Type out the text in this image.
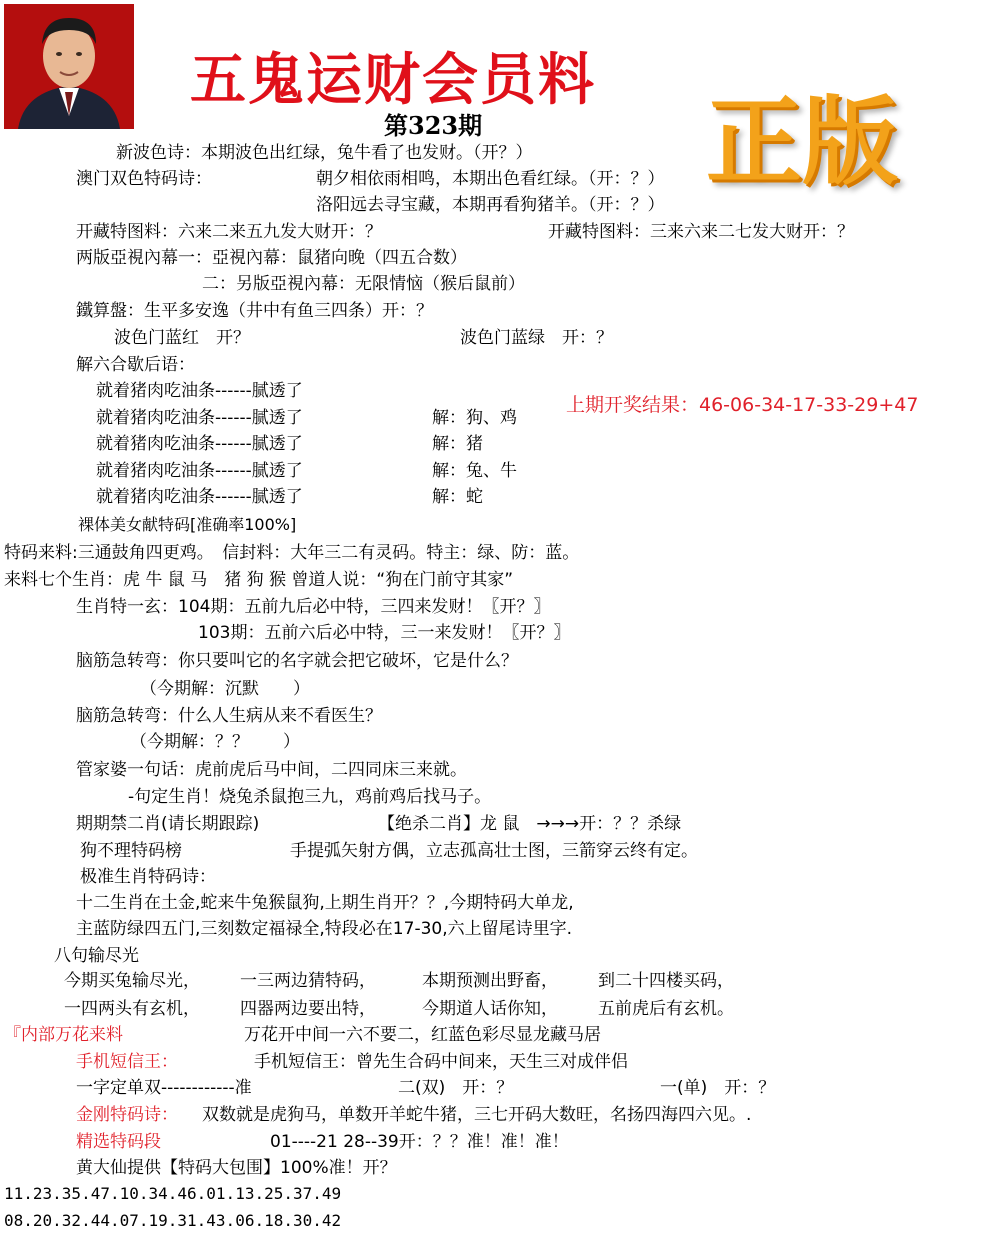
五鬼运财会员料
第323期 正版
新波色诗：本期波色出红绿，兔牛看了也发财。（开？）
澳门双色特码诗：	朝夕相依雨相鸣，本期出色看红绿。（开：？）
洛阳远去寻宝藏，本期再看狗猪羊。（开：？）
开藏特图料：六来二来五九发大财开：？	开藏特图料：三来六来二七发大财开：？
两版亞視內幕一：亞視內幕：鼠猪向晚（四五合数）
二：另版亞視內幕：无限情恼（猴后鼠前）
鐵算盤：生平多安逸（井中有鱼三四条）开：？
波色门蓝红　开？	波色门蓝绿　开：？
解六合歇后语：
就着猪肉吃油条------腻透了
上期开奖结果：46-06-34-17-33-29+47
就着猪肉吃油条------腻透了	解：狗、鸡
就着猪肉吃油条------腻透了	解：猪
就着猪肉吃油条------腻透了	解：兔、牛
就着猪肉吃油条------腻透了	解：蛇
裸体美女献特码[准确率100%]
特码来料:三通鼓角四更鸡。　信封料：大年三二有灵码。特主：绿、防：蓝。
来料七个生肖：虎 牛 鼠 马　猪 狗 猴 曾道人说：“狗在门前守其家”
生肖特一玄：104期：五前九后必中特，三四来发财！〖开？〗
103期：五前六后必中特，三一来发财！〖开？〗
脑筋急转弯：你只要叫它的名字就会把它破坏，它是什么？
（今期解：沉默　　）
脑筋急转弯：什么人生病从来不看医生？
（今期解：？？　　）
管家婆一句话：虎前虎后马中间，二四同床三来就。
-句定生肖！烧兔杀鼠抱三九，鸡前鸡后找马子。
期期禁二肖(请长期跟踪)	【绝杀二肖】龙 鼠　→→→开：？？杀绿
狗不理特码榜	手提弧矢射方偶，立志孤高壮士图，三箭穿云终有定。
极准生肖特码诗：
十二生肖在土金,蛇来牛兔猴鼠狗,上期生肖开？？,今期特码大单龙,
主蓝防绿四五门,三刻数定福禄全,特段必在17-30,六上留尾诗里字.
八句输尽光
今期买兔输尽光， 一三两边猜特码，	本期预测出野畜， 到二十四楼买码，
一四两头有玄机， 四器两边要出特，	今期道人话你知， 五前虎后有玄机。
『内部万花来料	万花开中间一六不要二，红蓝色彩尽显龙藏马居
手机短信王：	手机短信王：曾先生合码中间来，天生三对成伴侣
一字定单双------------准	二(双)　开：？	一(单)　开：？
金刚特码诗： 双数就是虎狗马，单数开羊蛇牛猪，三七开码大数旺，名扬四海四六见。.
精选特码段	01----21 28--39开：？？准！准！准！
黄大仙提供【特码大包围】100%准！开？
11.23.35.47.10.34.46.01.13.25.37.49
08.20.32.44.07.19.31.43.06.18.30.42
